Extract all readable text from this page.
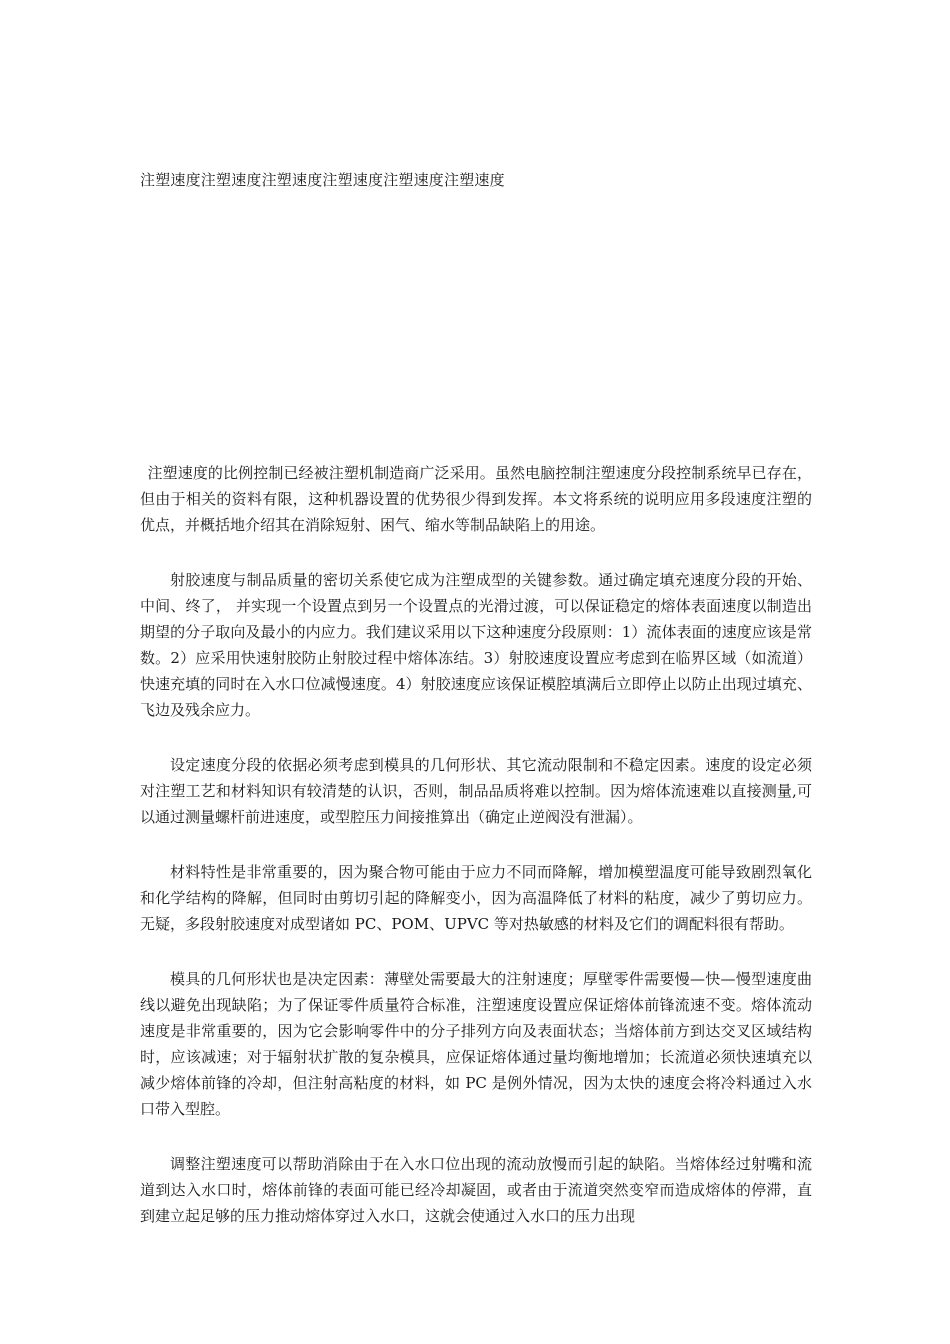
注塑速度注塑速度注塑速度注塑速度注塑速度注塑速度

注塑速度的比例控制已经被注塑机制造商广泛采用。虽然电脑控制注塑速度分段控制系统早已存在，但由于相关的资料有限，这种机器设置的优势很少得到发挥。本文将系统的说明应用多段速度注塑的优点，并概括地介绍其在消除短射、困气、缩水等制品缺陷上的用途。

射胶速度与制品质量的密切关系使它成为注塑成型的关键参数。通过确定填充速度分段的开始、中间、终了， 并实现一个设置点到另一个设置点的光滑过渡，可以保证稳定的熔体表面速度以制造出期望的分子取向及最小的内应力。我们建议采用以下这种速度分段原则：1）流体表面的速度应该是常数。2）应采用快速射胶防止射胶过程中熔体冻结。3）射胶速度设置应考虑到在临界区域（如流道）快速充填的同时在入水口位减慢速度。4）射胶速度应该保证模腔填满后立即停止以防止出现过填充、飞边及残余应力。

设定速度分段的依据必须考虑到模具的几何形状、其它流动限制和不稳定因素。速度的设定必须对注塑工艺和材料知识有较清楚的认识，否则，制品品质将难以控制。因为熔体流速难以直接测量,可以通过测量螺杆前进速度，或型腔压力间接推算出（确定止逆阀没有泄漏）。

材料特性是非常重要的，因为聚合物可能由于应力不同而降解，增加模塑温度可能导致剧烈氧化和化学结构的降解，但同时由剪切引起的降解变小，因为高温降低了材料的粘度，减少了剪切应力。无疑，多段射胶速度对成型诸如 PC、POM、UPVC 等对热敏感的材料及它们的调配料很有帮助。

模具的几何形状也是决定因素：薄壁处需要最大的注射速度；厚壁零件需要慢—快—慢型速度曲线以避免出现缺陷；为了保证零件质量符合标准，注塑速度设置应保证熔体前锋流速不变。熔体流动速度是非常重要的，因为它会影响零件中的分子排列方向及表面状态；当熔体前方到达交叉区域结构时，应该减速；对于辐射状扩散的复杂模具，应保证熔体通过量均衡地增加；长流道必须快速填充以减少熔体前锋的冷却，但注射高粘度的材料，如 PC 是例外情况，因为太快的速度会将冷料通过入水口带入型腔。

调整注塑速度可以帮助消除由于在入水口位出现的流动放慢而引起的缺陷。当熔体经过射嘴和流道到达入水口时，熔体前锋的表面可能已经冷却凝固，或者由于流道突然变窄而造成熔体的停滞，直到建立起足够的压力推动熔体穿过入水口，这就会使通过入水口的压力出现
